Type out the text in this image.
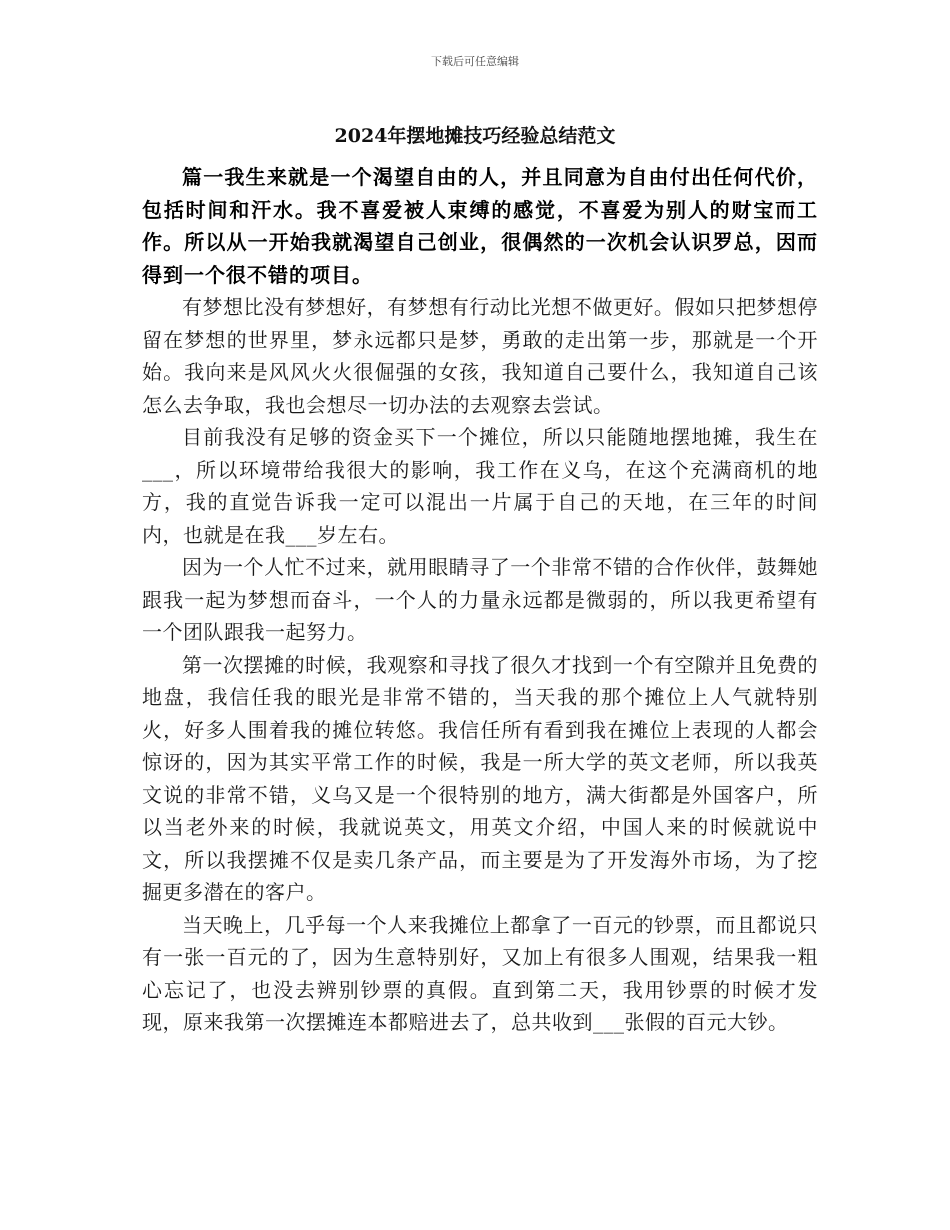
下载后可任意编辑
2024年摆地摊技巧经验总结范文

篇一我生来就是一个渴望自由的人，并且同意为自由付出任何代价，包括时间和汗水。我不喜爱被人束缚的感觉，不喜爱为别人的财宝而工作。所以从一开始我就渴望自己创业，很偶然的一次机会认识罗总，因而得到一个很不错的项目。

有梦想比没有梦想好，有梦想有行动比光想不做更好。假如只把梦想停留在梦想的世界里，梦永远都只是梦，勇敢的走出第一步，那就是一个开始。我向来是风风火火很倔强的女孩，我知道自己要什么，我知道自己该怎么去争取，我也会想尽一切办法的去观察去尝试。

目前我没有足够的资金买下一个摊位，所以只能随地摆地摊，我生在___，所以环境带给我很大的影响，我工作在义乌，在这个充满商机的地方，我的直觉告诉我一定可以混出一片属于自己的天地，在三年的时间内，也就是在我___岁左右。

因为一个人忙不过来，就用眼睛寻了一个非常不错的合作伙伴，鼓舞她跟我一起为梦想而奋斗，一个人的力量永远都是微弱的，所以我更希望有一个团队跟我一起努力。

第一次摆摊的时候，我观察和寻找了很久才找到一个有空隙并且免费的地盘，我信任我的眼光是非常不错的，当天我的那个摊位上人气就特别火，好多人围着我的摊位转悠。我信任所有看到我在摊位上表现的人都会惊讶的，因为其实平常工作的时候，我是一所大学的英文老师，所以我英文说的非常不错，义乌又是一个很特别的地方，满大街都是外国客户，所以当老外来的时候，我就说英文，用英文介绍，中国人来的时候就说中文，所以我摆摊不仅是卖几条产品，而主要是为了开发海外市场，为了挖掘更多潜在的客户。

当天晚上，几乎每一个人来我摊位上都拿了一百元的钞票，而且都说只有一张一百元的了，因为生意特别好，又加上有很多人围观，结果我一粗心忘记了，也没去辨别钞票的真假。直到第二天，我用钞票的时候才发现，原来我第一次摆摊连本都赔进去了，总共收到___张假的百元大钞。
